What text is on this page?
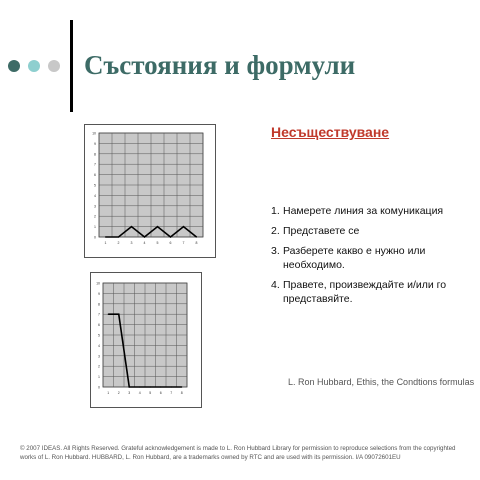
Състояния и формули
0
1
2
3
4
5
6
7
8
9
10
1	2	3	4	5	6	7	8
0
1
2
3
4
5
6
7
8
9
10
1 2 3 4 5 6 7 8
Несъществуване
1. Намерете линия за комуникация
2. Представете се
3. Разберете какво е нужно или необходимо.
4. Правете, произвеждайте и/или го представяйте.
L. Ron Hubbard, Ethis, the Condtions formulas
© 2007 IDEAS. All Rights Reserved. Grateful acknowledgement is made to L. Ron Hubbard Library for permission to reproduce selections from the copyrighted works of L. Ron Hubbard. HUBBARD, L. Ron Hubbard, are a trademarks owned by RTC and are used with its permission. I/A 09072601EU
